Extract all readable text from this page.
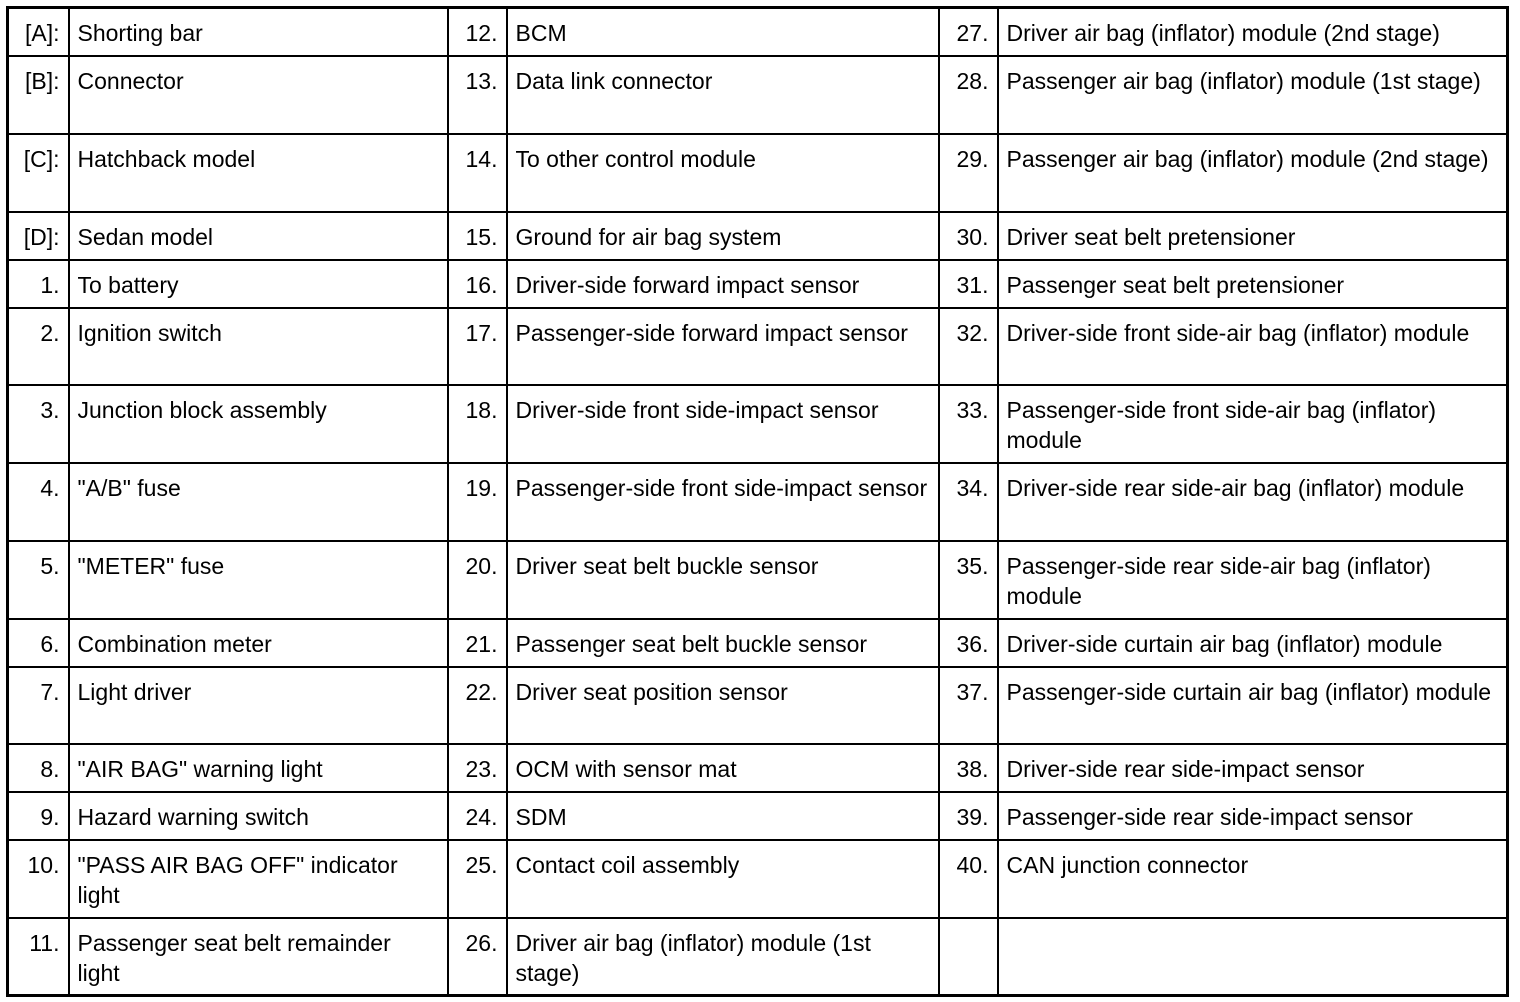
[A]:	Shorting bar	12.	BCM	27.	Driver air bag (inflator) module (2nd stage)
[B]:	Connector	13.	Data link connector	28.	Passenger air bag (inflator) module (1st stage)
[C]:	Hatchback model	14.	To other control module	29.	Passenger air bag (inflator) module (2nd stage)
[D]:	Sedan model	15.	Ground for air bag system	30.	Driver seat belt pretensioner
1.	To battery	16.	Driver-side forward impact sensor	31.	Passenger seat belt pretensioner
2.	Ignition switch	17.	Passenger-side forward impact sensor	32.	Driver-side front side-air bag (inflator) module
3.	Junction block assembly	18.	Driver-side front side-impact sensor	33.	Passenger-side front side-air bag (inflator) module
4.	"A/B" fuse	19.	Passenger-side front side-impact sensor	34.	Driver-side rear side-air bag (inflator) module
5.	"METER" fuse	20.	Driver seat belt buckle sensor	35.	Passenger-side rear side-air bag (inflator) module
6.	Combination meter	21.	Passenger seat belt buckle sensor	36.	Driver-side curtain air bag (inflator) module
7.	Light driver	22.	Driver seat position sensor	37.	Passenger-side curtain air bag (inflator) module
8.	"AIR BAG" warning light	23.	OCM with sensor mat	38.	Driver-side rear side-impact sensor
9.	Hazard warning switch	24.	SDM	39.	Passenger-side rear side-impact sensor
10.	"PASS AIR BAG OFF" indicator light	25.	Contact coil assembly	40.	CAN junction connector
11.	Passenger seat belt remainder light	26.	Driver air bag (inflator) module (1st stage)		
